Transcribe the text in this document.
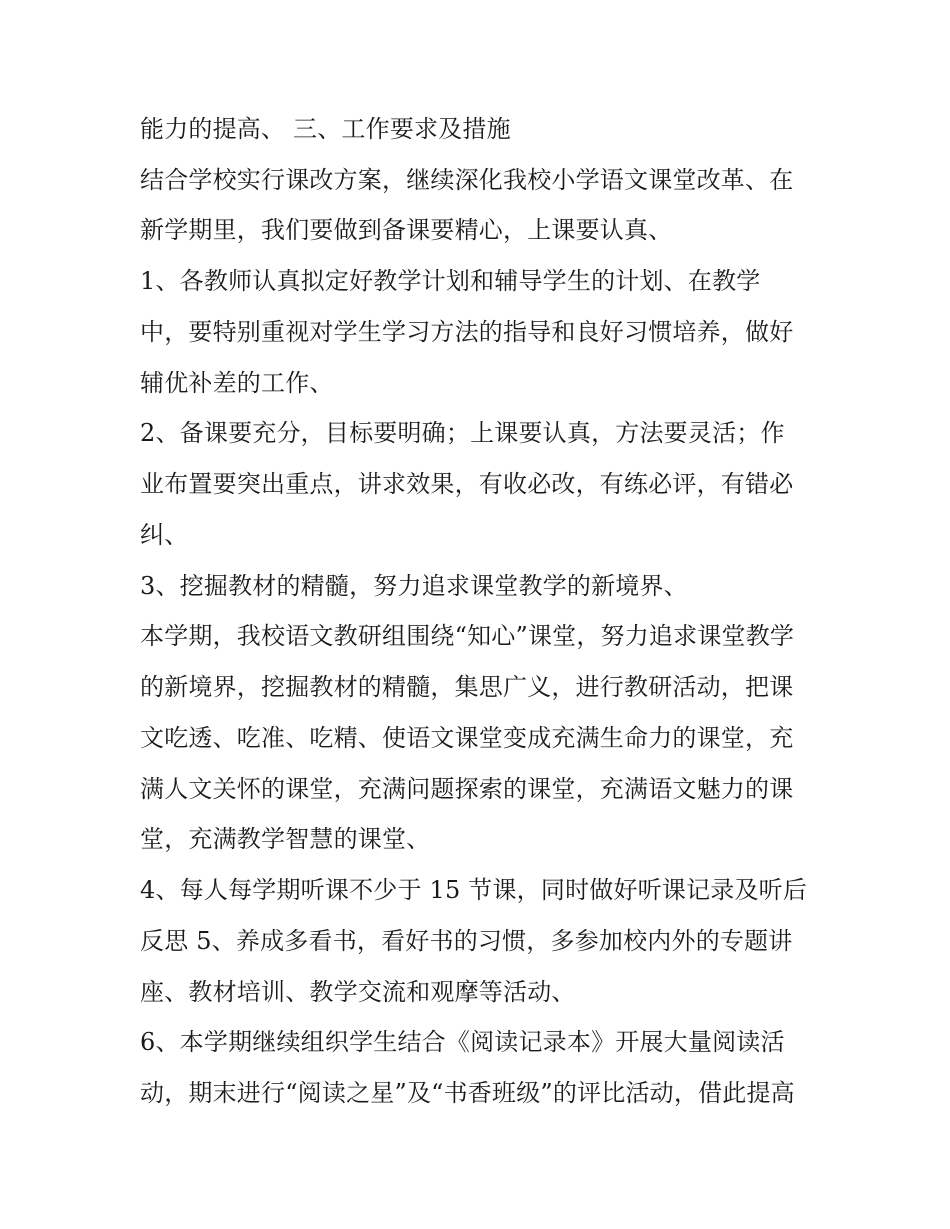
能力的提高、 三、工作要求及措施
结合学校实行课改方案，继续深化我校小学语文课堂改革、在
新学期里，我们要做到备课要精心，上课要认真、
1、各教师认真拟定好教学计划和辅导学生的计划、在教学
中，要特别重视对学生学习方法的指导和良好习惯培养，做好
辅优补差的工作、
2、备课要充分，目标要明确；上课要认真，方法要灵活；作
业布置要突出重点，讲求效果，有收必改，有练必评，有错必
纠、
3、挖掘教材的精髓，努力追求课堂教学的新境界、
本学期，我校语文教研组围绕“知心”课堂，努力追求课堂教学
的新境界，挖掘教材的精髓，集思广义，进行教研活动，把课
文吃透、吃准、吃精、使语文课堂变成充满生命力的课堂，充
满人文关怀的课堂，充满问题探索的课堂，充满语文魅力的课
堂，充满教学智慧的课堂、
4、每人每学期听课不少于 15 节课，同时做好听课记录及听后
反思 5、养成多看书，看好书的习惯，多参加校内外的专题讲
座、教材培训、教学交流和观摩等活动、
6、本学期继续组织学生结合《阅读记录本》开展大量阅读活
动，期末进行“阅读之星”及“书香班级”的评比活动，借此提高
